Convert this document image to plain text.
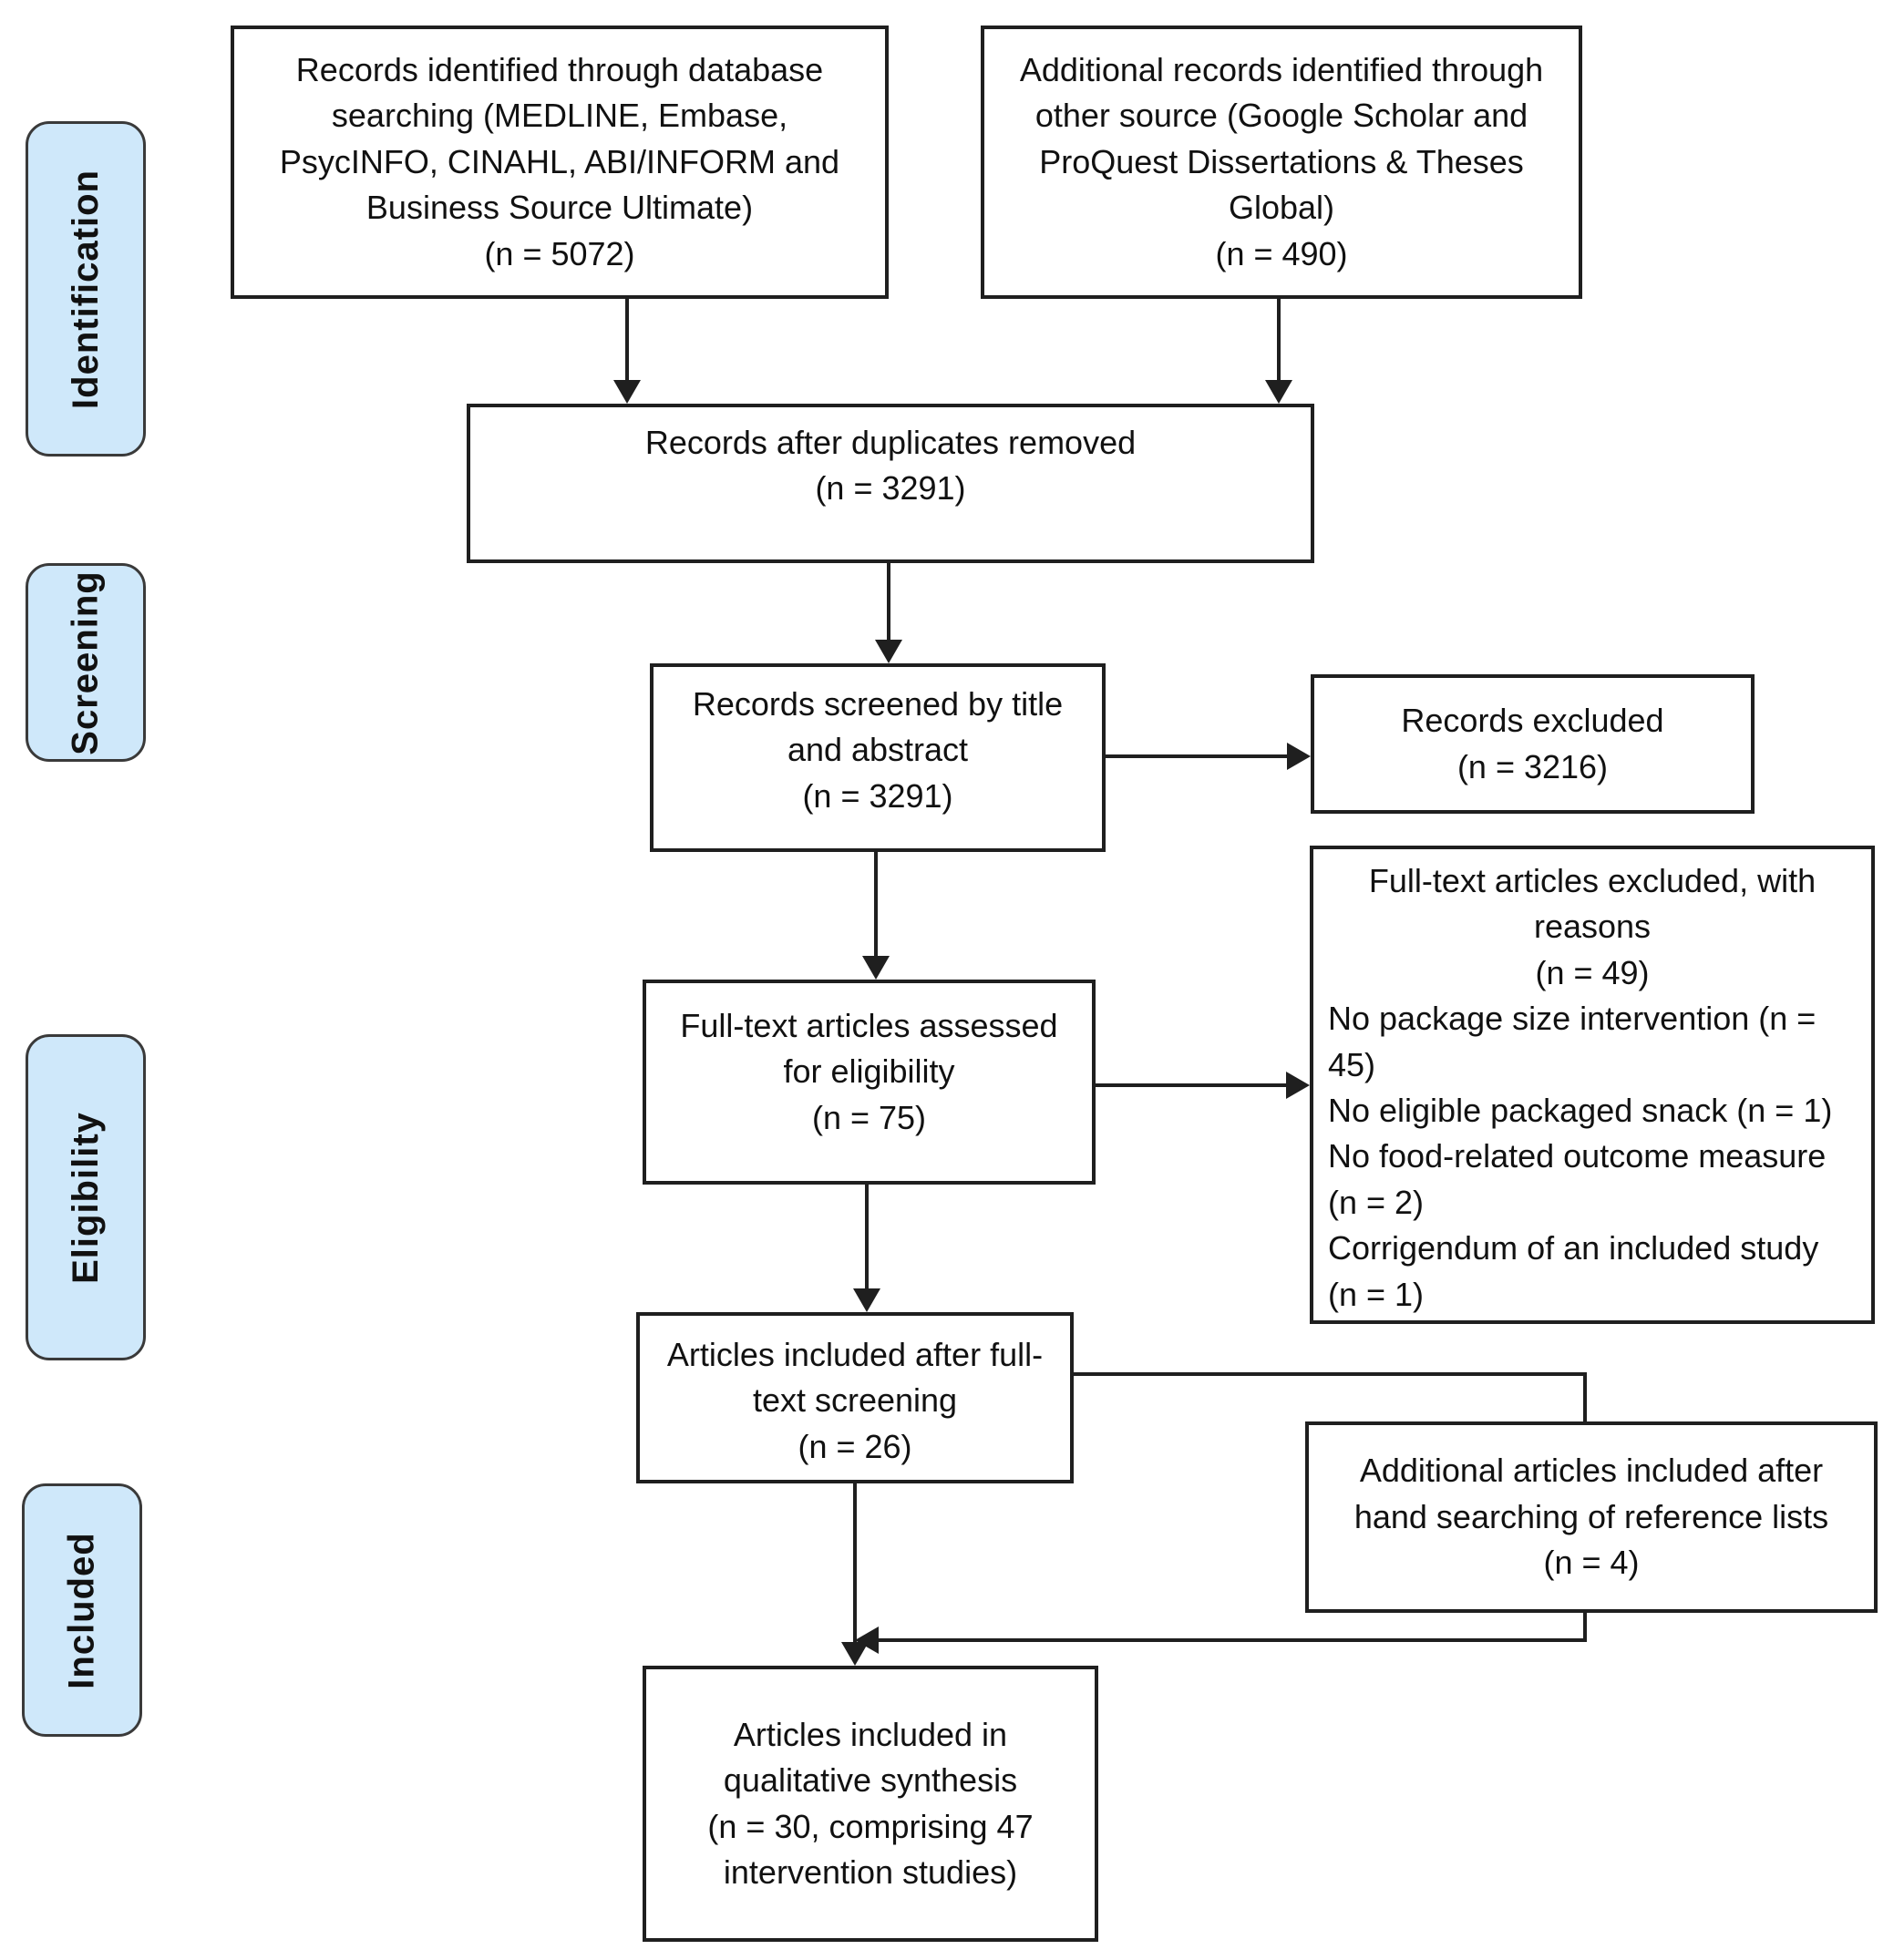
Identification
Screening
Eligibility
Included
Records identified through database searching (MEDLINE, Embase, PsycINFO, CINAHL, ABI/INFORM and Business Source Ultimate)
(n = 5072)
Additional records identified through other source (Google Scholar and ProQuest Dissertations & Theses Global)
(n = 490)
Records after duplicates removed
(n = 3291)
Records screened by title and abstract
(n = 3291)
Records excluded
(n = 3216)
Full-text articles assessed for eligibility
(n = 75)
Full-text articles excluded, with reasons
(n = 49)
No package size intervention (n = 45)
No eligible packaged snack (n = 1)
No food-related outcome measure (n = 2)
Corrigendum of an included study (n = 1)
Articles included after full-text screening
(n = 26)
Additional articles included after hand searching of reference lists
(n = 4)
Articles included in qualitative synthesis
(n = 30, comprising 47 intervention studies)
